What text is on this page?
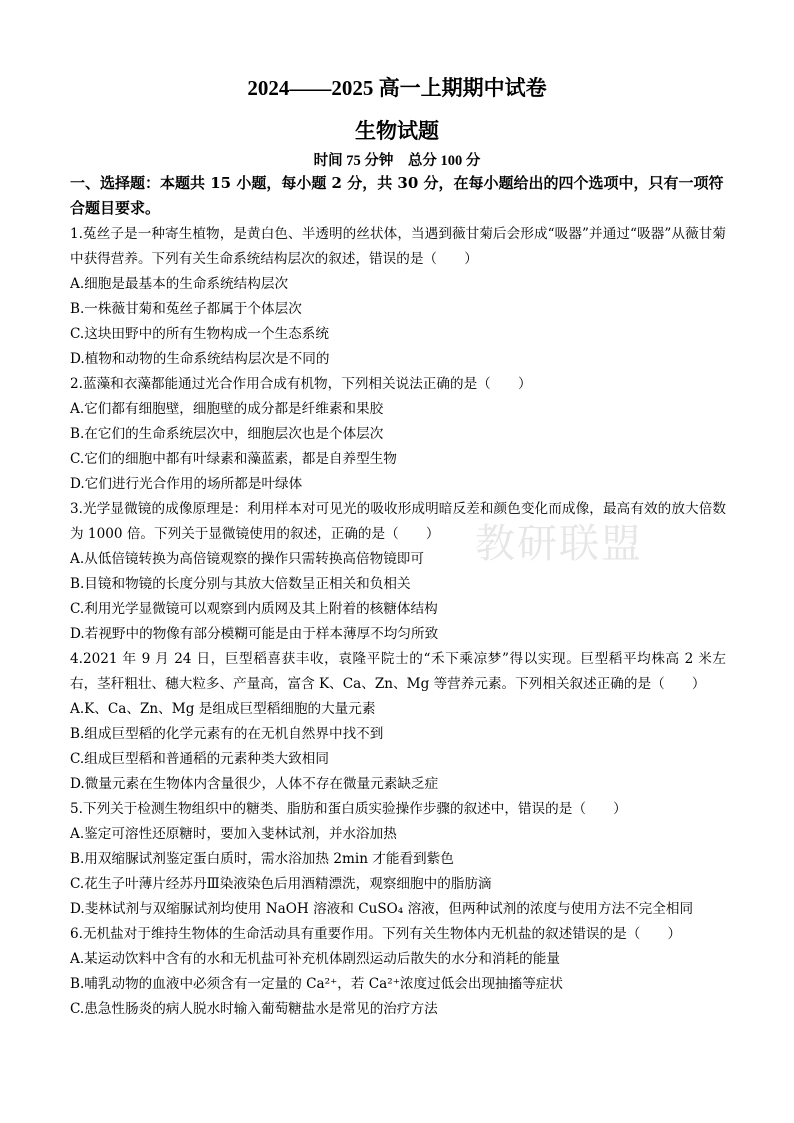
教研联盟
2024——2025 高一上期期中试卷
生物试题
时间 75 分钟　总分 100 分
一、选择题：本题共 15 小题，每小题 2 分，共 30 分，在每小题给出的四个选项中，只有一项符合题目要求。

1.菟丝子是一种寄生植物，是黄白色、半透明的丝状体，当遇到薇甘菊后会形成“吸器”并通过“吸器”从薇甘菊中获得营养。下列有关生命系统结构层次的叙述，错误的是（　　）

A.细胞是最基本的生命系统结构层次

B.一株薇甘菊和菟丝子都属于个体层次

C.这块田野中的所有生物构成一个生态系统

D.植物和动物的生命系统结构层次是不同的

2.蓝藻和衣藻都能通过光合作用合成有机物，下列相关说法正确的是（　　）

A.它们都有细胞壁，细胞壁的成分都是纤维素和果胶

B.在它们的生命系统层次中，细胞层次也是个体层次

C.它们的细胞中都有叶绿素和藻蓝素，都是自养型生物

D.它们进行光合作用的场所都是叶绿体

3.光学显微镜的成像原理是：利用样本对可见光的吸收形成明暗反差和颜色变化而成像，最高有效的放大倍数为 1000 倍。下列关于显微镜使用的叙述，正确的是（　　）

A.从低倍镜转换为高倍镜观察的操作只需转换高倍物镜即可

B.目镜和物镜的长度分别与其放大倍数呈正相关和负相关

C.利用光学显微镜可以观察到内质网及其上附着的核糖体结构

D.若视野中的物像有部分模糊可能是由于样本薄厚不均匀所致

4.2021 年 9 月 24 日，巨型稻喜获丰收，袁隆平院士的“禾下乘凉梦”得以实现。巨型稻平均株高 2 米左右，茎秆粗壮、穗大粒多、产量高，富含 K、Ca、Zn、Mg 等营养元素。下列相关叙述正确的是（　　）

A.K、Ca、Zn、Mg 是组成巨型稻细胞的大量元素

B.组成巨型稻的化学元素有的在无机自然界中找不到

C.组成巨型稻和普通稻的元素种类大致相同

D.微量元素在生物体内含量很少，人体不存在微量元素缺乏症

5.下列关于检测生物组织中的糖类、脂肪和蛋白质实验操作步骤的叙述中，错误的是（　　）

A.鉴定可溶性还原糖时，要加入斐林试剂，并水浴加热

B.用双缩脲试剂鉴定蛋白质时，需水浴加热 2min 才能看到紫色

C.花生子叶薄片经苏丹Ⅲ染液染色后用酒精漂洗，观察细胞中的脂肪滴

D.斐林试剂与双缩脲试剂均使用 NaOH 溶液和 CuSO₄ 溶液，但两种试剂的浓度与使用方法不完全相同

6.无机盐对于维持生物体的生命活动具有重要作用。下列有关生物体内无机盐的叙述错误的是（　　）

A.某运动饮料中含有的水和无机盐可补充机体剧烈运动后散失的水分和消耗的能量

B.哺乳动物的血液中必须含有一定量的 Ca²⁺，若 Ca²⁺浓度过低会出现抽搐等症状

C.患急性肠炎的病人脱水时输入葡萄糖盐水是常见的治疗方法
